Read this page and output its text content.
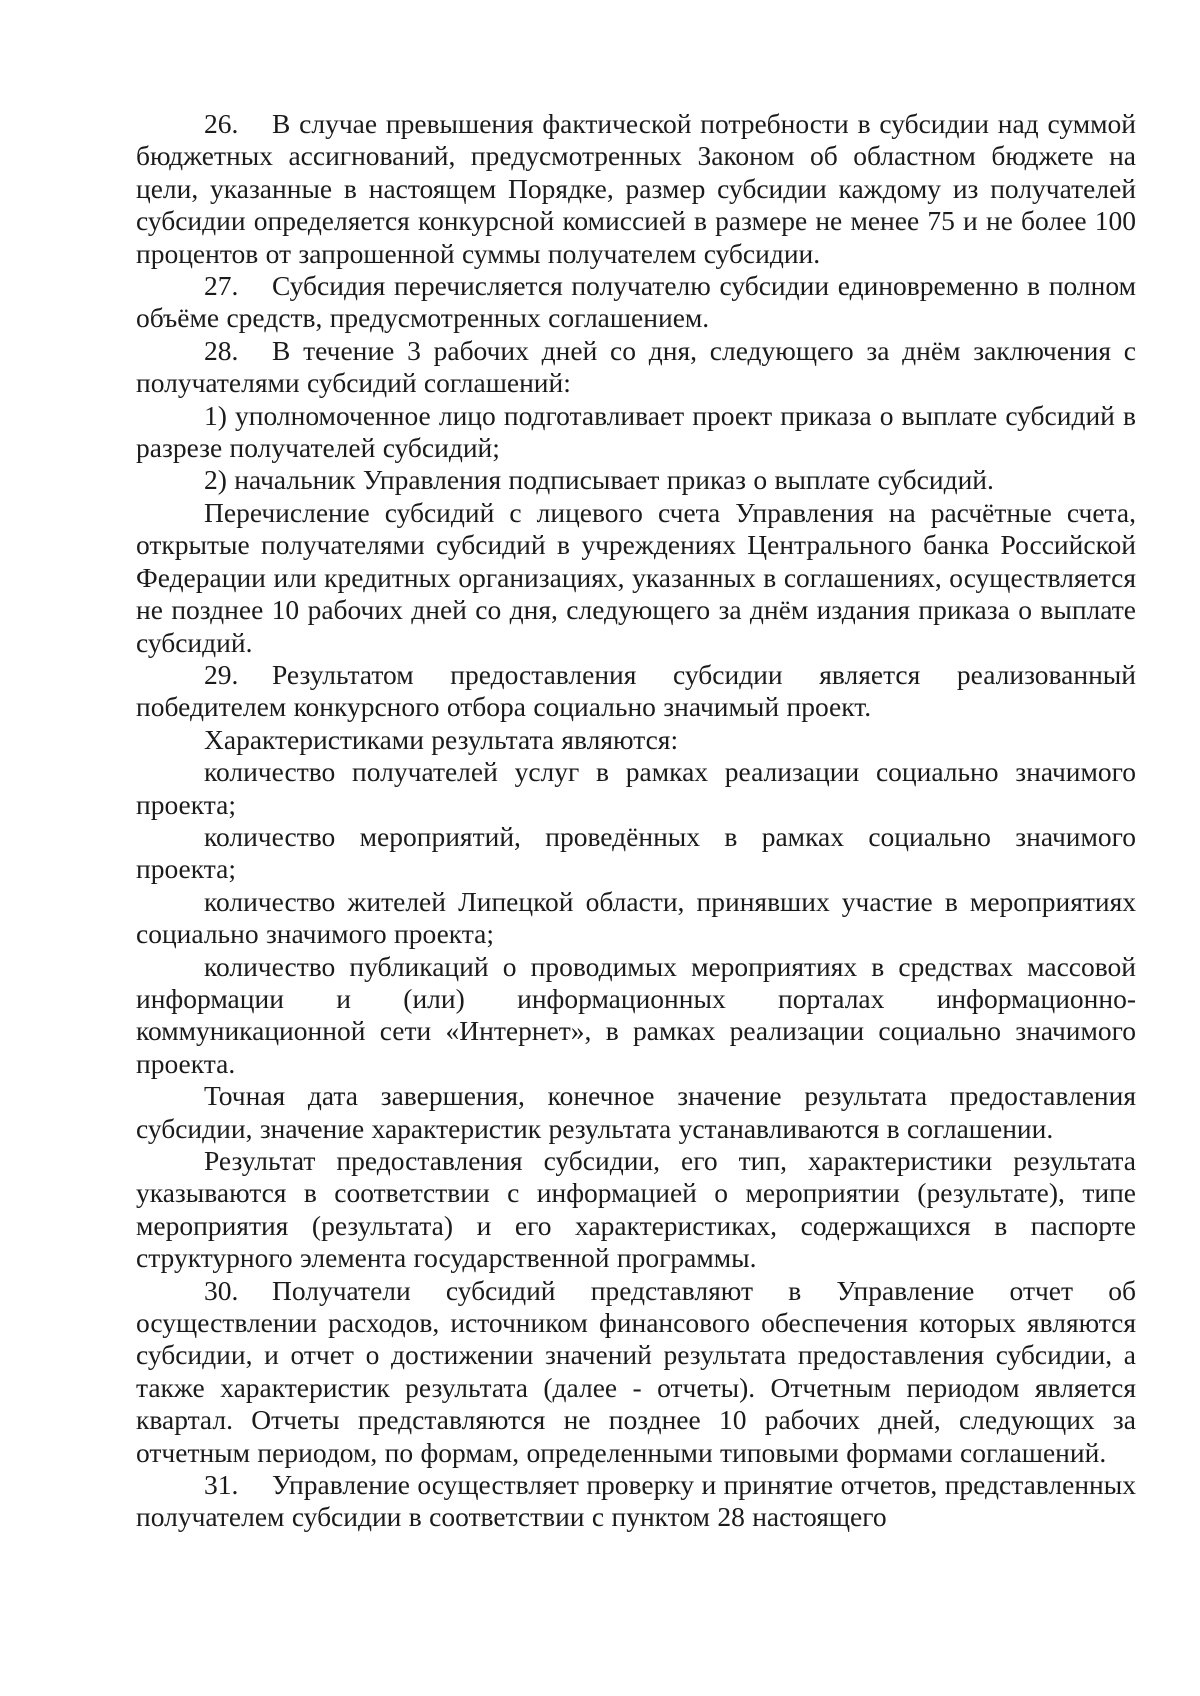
26. В случае превышения фактической потребности в субсидии над суммой бюджетных ассигнований, предусмотренных Законом об областном бюджете на цели, указанные в настоящем Порядке, размер субсидии каждому из получателей субсидии определяется конкурсной комиссией в размере не менее 75 и не более 100 процентов от запрошенной суммы получателем субсидии.

27. Субсидия перечисляется получателю субсидии единовременно в полном объёме средств, предусмотренных соглашением.

28. В течение 3 рабочих дней со дня, следующего за днём заключения с получателями субсидий соглашений:

1) уполномоченное лицо подготавливает проект приказа о выплате субсидий в разрезе получателей субсидий;

2) начальник Управления подписывает приказ о выплате субсидий.

Перечисление субсидий с лицевого счета Управления на расчётные счета, открытые получателями субсидий в учреждениях Центрального банка Российской Федерации или кредитных организациях, указанных в соглашениях, осуществляется не позднее 10 рабочих дней со дня, следующего за днём издания приказа о выплате субсидий.

29. Результатом предоставления субсидии является реализованный победителем конкурсного отбора социально значимый проект.

Характеристиками результата являются:

количество получателей услуг в рамках реализации социально значимого проекта;

количество мероприятий, проведённых в рамках социально значимого проекта;

количество жителей Липецкой области, принявших участие в мероприятиях социально значимого проекта;

количество публикаций о проводимых мероприятиях в средствах массовой информации и (или) информационных порталах информационно-коммуникационной сети «Интернет», в рамках реализации социально значимого проекта.

Точная дата завершения, конечное значение результата предоставления субсидии, значение характеристик результата устанавливаются в соглашении.

Результат предоставления субсидии, его тип, характеристики результата указываются в соответствии с информацией о мероприятии (результате), типе мероприятия (результата) и его характеристиках, содержащихся в паспорте структурного элемента государственной программы.

30. Получатели субсидий представляют в Управление отчет об осуществлении расходов, источником финансового обеспечения которых являются субсидии, и отчет о достижении значений результата предоставления субсидии, а также характеристик результата (далее - отчеты). Отчетным периодом является квартал. Отчеты представляются не позднее 10 рабочих дней, следующих за отчетным периодом, по формам, определенными типовыми формами соглашений.

31. Управление осуществляет проверку и принятие отчетов, представленных получателем субсидии в соответствии с пунктом 28 настоящего
